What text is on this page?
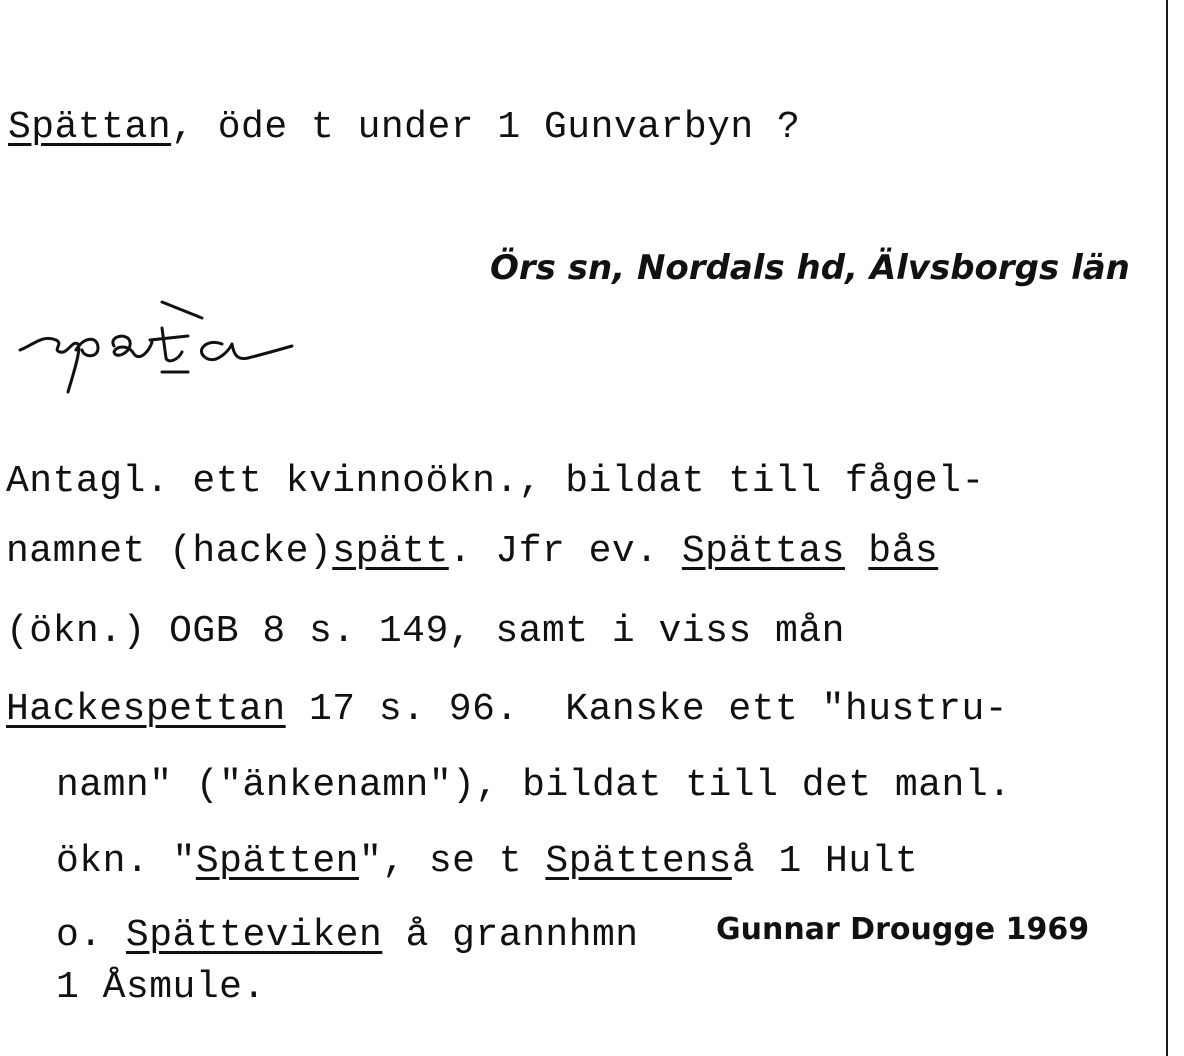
Spättan, öde t under 1 Gunvarbyn ?
Örs sn, Nordals hd, Älvsborgs län
Antagl. ett kvinnoökn., bildat till fågel-
namnet (hacke)spätt. Jfr ev. Spättas bås
(ökn.) OGB 8 s. 149, samt i viss mån
Hackespettan 17 s. 96.  Kanske ett "hustru-
namn" ("änkenamn"), bildat till det manl.
ökn. "Spätten", se t Spättenså 1 Hult
o. Spätteviken å grannhmn	Gunnar Drougge 1969
1 Åsmule.
